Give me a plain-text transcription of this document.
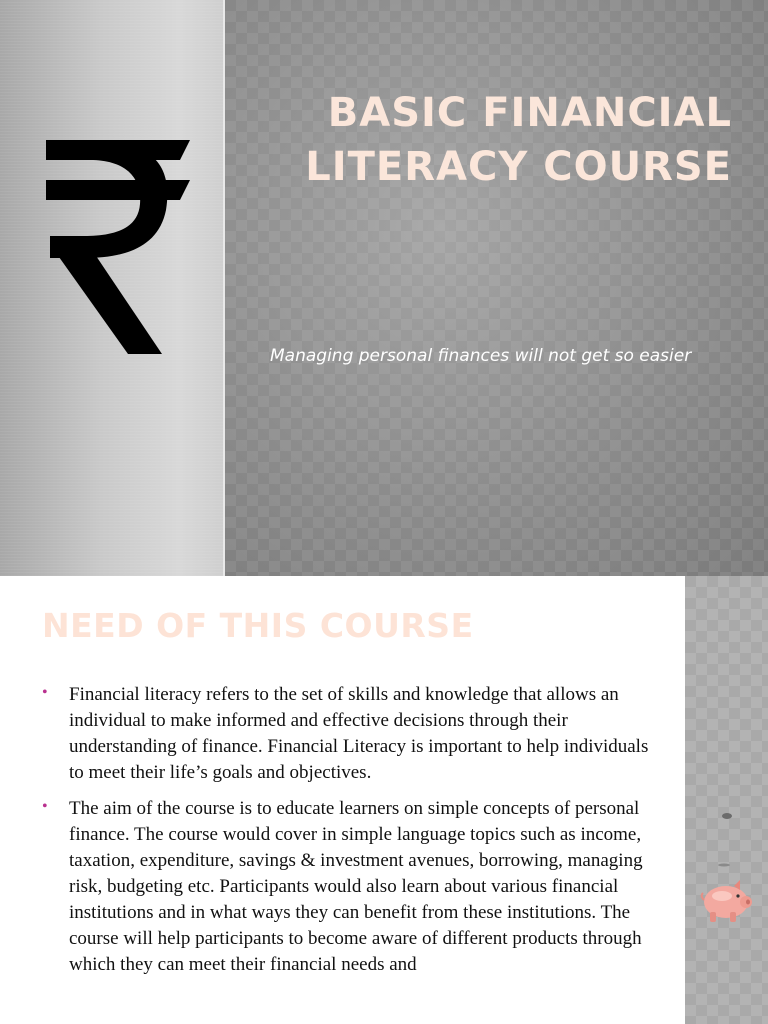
BASIC FINANCIAL LITERACY COURSE

Managing personal finances will not get so easier

NEED OF THIS COURSE
• Financial literacy refers to the set of skills and knowledge that allows an individual to make informed and effective decisions through their understanding of finance. Financial Literacy is important to help individuals to meet their life’s goals and objectives.
• The aim of the course is to educate learners on simple concepts of personal finance. The course would cover in simple language topics such as income, taxation, expenditure, savings & investment avenues, borrowing, managing risk, budgeting etc. Participants would also learn about various financial institutions and in what ways they can benefit from these institutions. The course will help participants to become aware of different products through which they can meet their financial needs and
